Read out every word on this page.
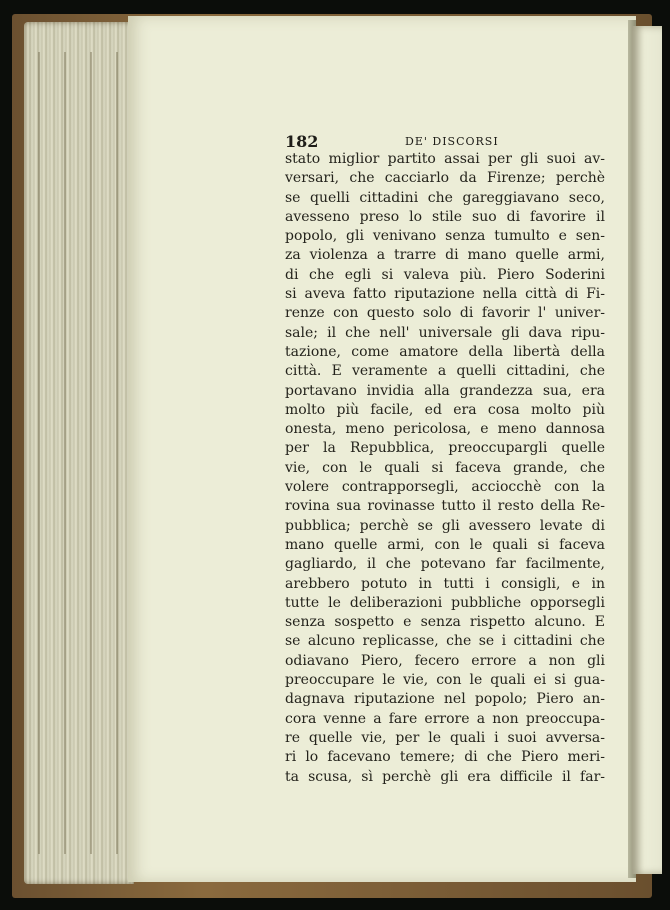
182	DE' DISCORSI
stato miglior partito assai per gli suoi av-
versari, che cacciarlo da Firenze; perchè
se quelli cittadini che gareggiavano seco,
avesseno preso lo stile suo di favorire il
popolo, gli venivano senza tumulto e sen-
za violenza a trarre di mano quelle armi,
di che egli si valeva più. Piero Soderini
si aveva fatto riputazione nella città di Fi-
renze con questo solo di favorir l' univer-
sale; il che nell' universale gli dava ripu-
tazione, come amatore della libertà della
città. E veramente a quelli cittadini, che
portavano invidia alla grandezza sua, era
molto più facile, ed era cosa molto più
onesta, meno pericolosa, e meno dannosa
per la Repubblica, preoccupargli quelle
vie, con le quali si faceva grande, che
volere contrapporsegli, acciocchè con la
rovina sua rovinasse tutto il resto della Re-
pubblica; perchè se gli avessero levate di
mano quelle armi, con le quali si faceva
gagliardo, il che potevano far facilmente,
arebbero potuto in tutti i consigli, e in
tutte le deliberazioni pubbliche opporsegli
senza sospetto e senza rispetto alcuno. E
se alcuno replicasse, che se i cittadini che
odiavano Piero, fecero errore a non gli
preoccupare le vie, con le quali ei si gua-
dagnava riputazione nel popolo; Piero an-
cora venne a fare errore a non preoccupa-
re quelle vie, per le quali i suoi avversa-
ri lo facevano temere; di che Piero meri-
ta scusa, sì perchè gli era difficile il far-
